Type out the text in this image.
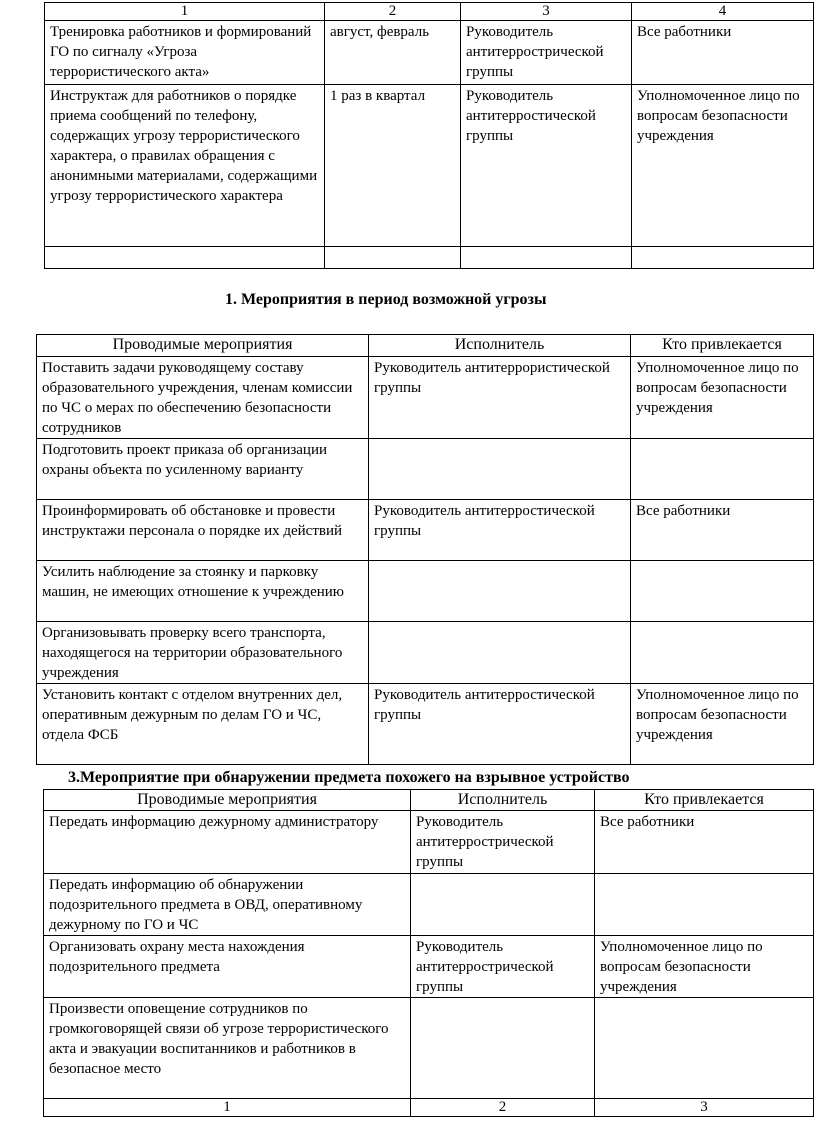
1	2	3	4
Тренировка работников и формирований ГО по сигналу «Угроза террористического акта»	август, февраль	Руководитель антитеррострической группы	Все работники
Инструктаж для работников о порядке приема сообщений по телефону, содержащих угрозу террористического характера, о правилах обращения с анонимными материалами, содержащими угрозу террористического характера	1 раз в квартал	Руководитель антитерростической группы	Уполномоченное лицо по вопросам безопасности учреждения

1. Мероприятия в период возможной угрозы
Проводимые мероприятия	Исполнитель	Кто привлекается
Поставить задачи руководящему составу образовательного учреждения, членам комиссии по ЧС о мерах по обеспечению безопасности сотрудников	Руководитель антитеррористической группы	Уполномоченное лицо по вопросам безопасности учреждения
Подготовить проект приказа об организации охраны объекта по усиленному варианту		
Проинформировать об обстановке и провести инструктажи персонала о порядке их действий	Руководитель антитерростической группы	Все работники
Усилить наблюдение за стоянку и парковку машин, не имеющих отношение к учреждению		
Организовывать проверку всего транспорта, находящегося на территории образовательного учреждения		
Установить контакт с отделом внутренних дел, оперативным дежурным по делам ГО и ЧС, отдела ФСБ	Руководитель антитерростической группы	Уполномоченное лицо по вопросам безопасности учреждения
3.Мероприятие при обнаружении предмета похожего на взрывное устройство
Проводимые мероприятия	Исполнитель	Кто привлекается
Передать информацию дежурному администратору	Руководитель антитеррострической группы	Все работники
Передать информацию об обнаружении подозрительного предмета в ОВД, оперативному дежурному по ГО и ЧС		
Организовать охрану места нахождения подозрительного предмета	Руководитель антитеррострической группы	Уполномоченное лицо по вопросам безопасности учреждения
Произвести оповещение сотрудников по громкоговорящей связи об угрозе террористического акта и эвакуации воспитанников и работников в безопасное место		
1	2	3
